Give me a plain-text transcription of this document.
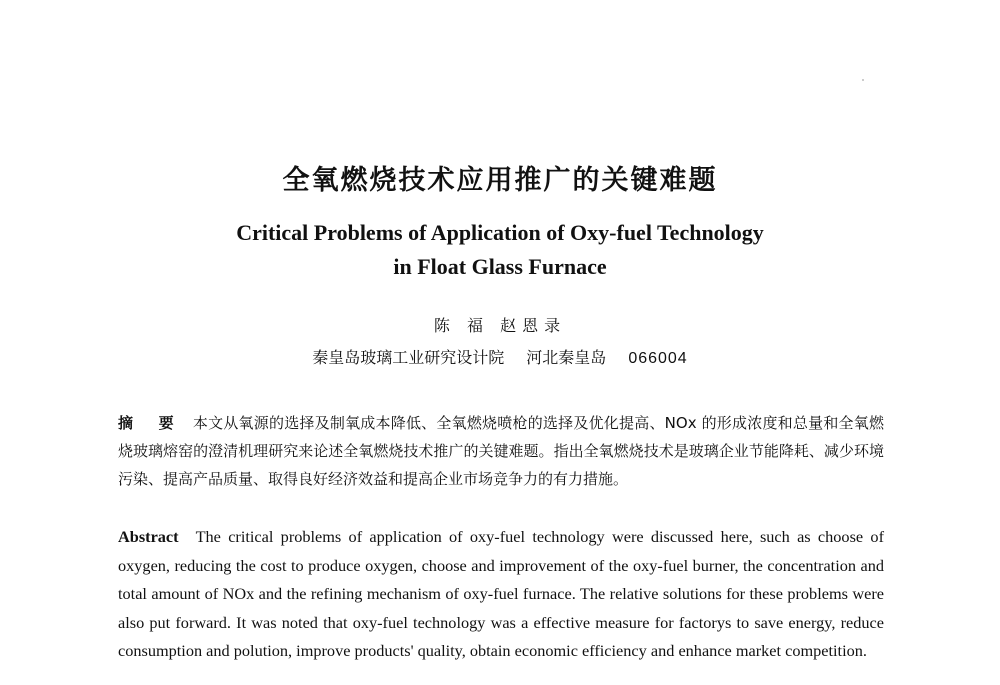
全氧燃烧技术应用推广的关键难题
Critical Problems of Application of Oxy-fuel Technology
in Float Glass Furnace
陈 福 赵恩录
秦皇岛玻璃工业研究设计院 河北秦皇岛 066004
摘 要 本文从氧源的选择及制氧成本降低、全氧燃烧喷枪的选择及优化提高、NOx 的形成浓度和总量和全氧燃烧玻璃熔窑的澄清机理研究来论述全氧燃烧技术推广的关键难题。指出全氧燃烧技术是玻璃企业节能降耗、减少环境污染、提高产品质量、取得良好经济效益和提高企业市场竞争力的有力措施。
Abstract The critical problems of application of oxy-fuel technology were discussed here, such as choose of oxygen, reducing the cost to produce oxygen, choose and improvement of the oxy-fuel burner, the concentration and total amount of NOx and the refining mechanism of oxy-fuel furnace. The relative solutions for these problems were also put forward. It was noted that oxy-fuel technology was a effective measure for factorys to save energy, reduce consumption and polution, improve products' quality, obtain economic efficiency and enhance market competition.
